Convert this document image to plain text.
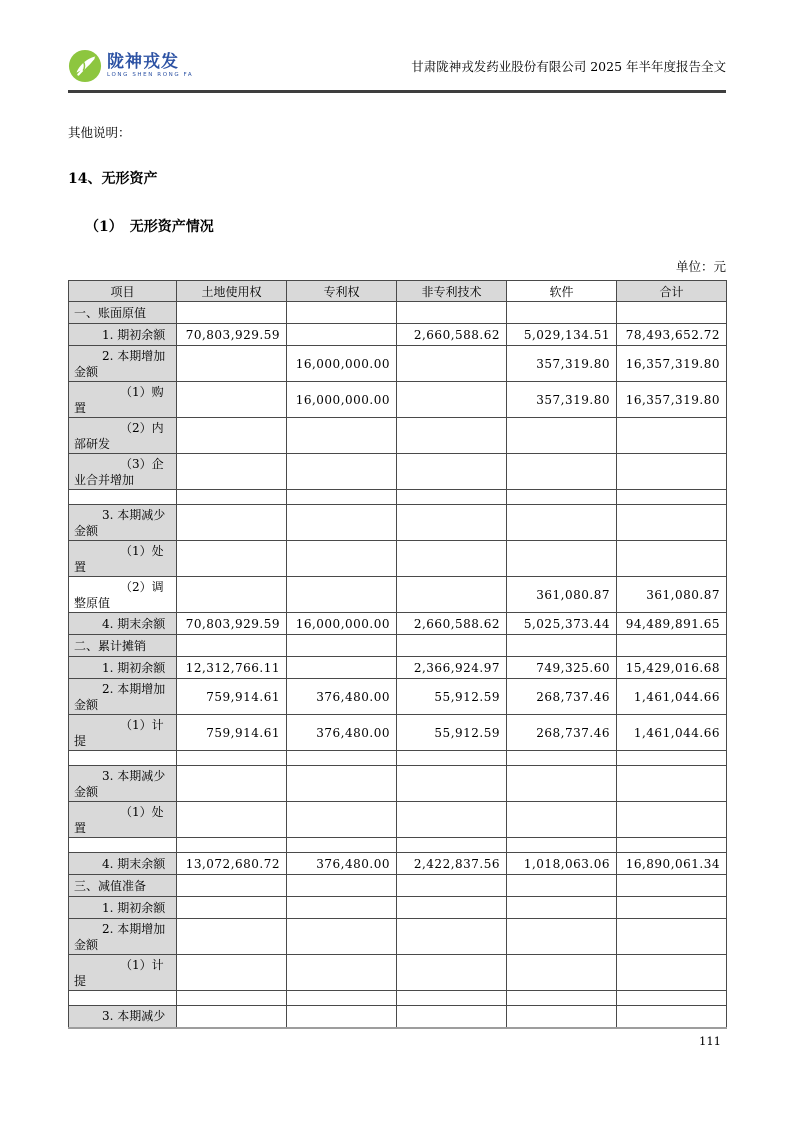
陇神戎发
LONG SHEN RONG FA
甘肃陇神戎发药业股份有限公司 2025 年半年度报告全文
其他说明：
14、无形资产
（1）　无形资产情况
单位：元
项目	土地使用权	专利权	非专利技术	软件	合计

一、账面原值					

1. 期初余额	70,803,929.59		2,660,588.62	5,029,134.51	78,493,652.72

2. 本期增加金额		16,000,000.00		357,319.80	16,357,319.80

（1）购置		16,000,000.00		357,319.80	16,357,319.80

（2）内部研发					

（3）企业合并增加					

3. 本期减少金额					

（1）处置					

（2）调整原值				361,080.87	361,080.87

4. 期末余额	70,803,929.59	16,000,000.00	2,660,588.62	5,025,373.44	94,489,891.65

二、累计摊销					

1. 期初余额	12,312,766.11		2,366,924.97	749,325.60	15,429,016.68

2. 本期增加金额	759,914.61	376,480.00	55,912.59	268,737.46	1,461,044.66

（1）计提	759,914.61	376,480.00	55,912.59	268,737.46	1,461,044.66

3. 本期减少金额					

（1）处置					

4. 期末余额	13,072,680.72	376,480.00	2,422,837.56	1,018,063.06	16,890,061.34

三、减值准备					

1. 期初余额					

2. 本期增加金额					

（1）计提					

3. 本期减少					

111
